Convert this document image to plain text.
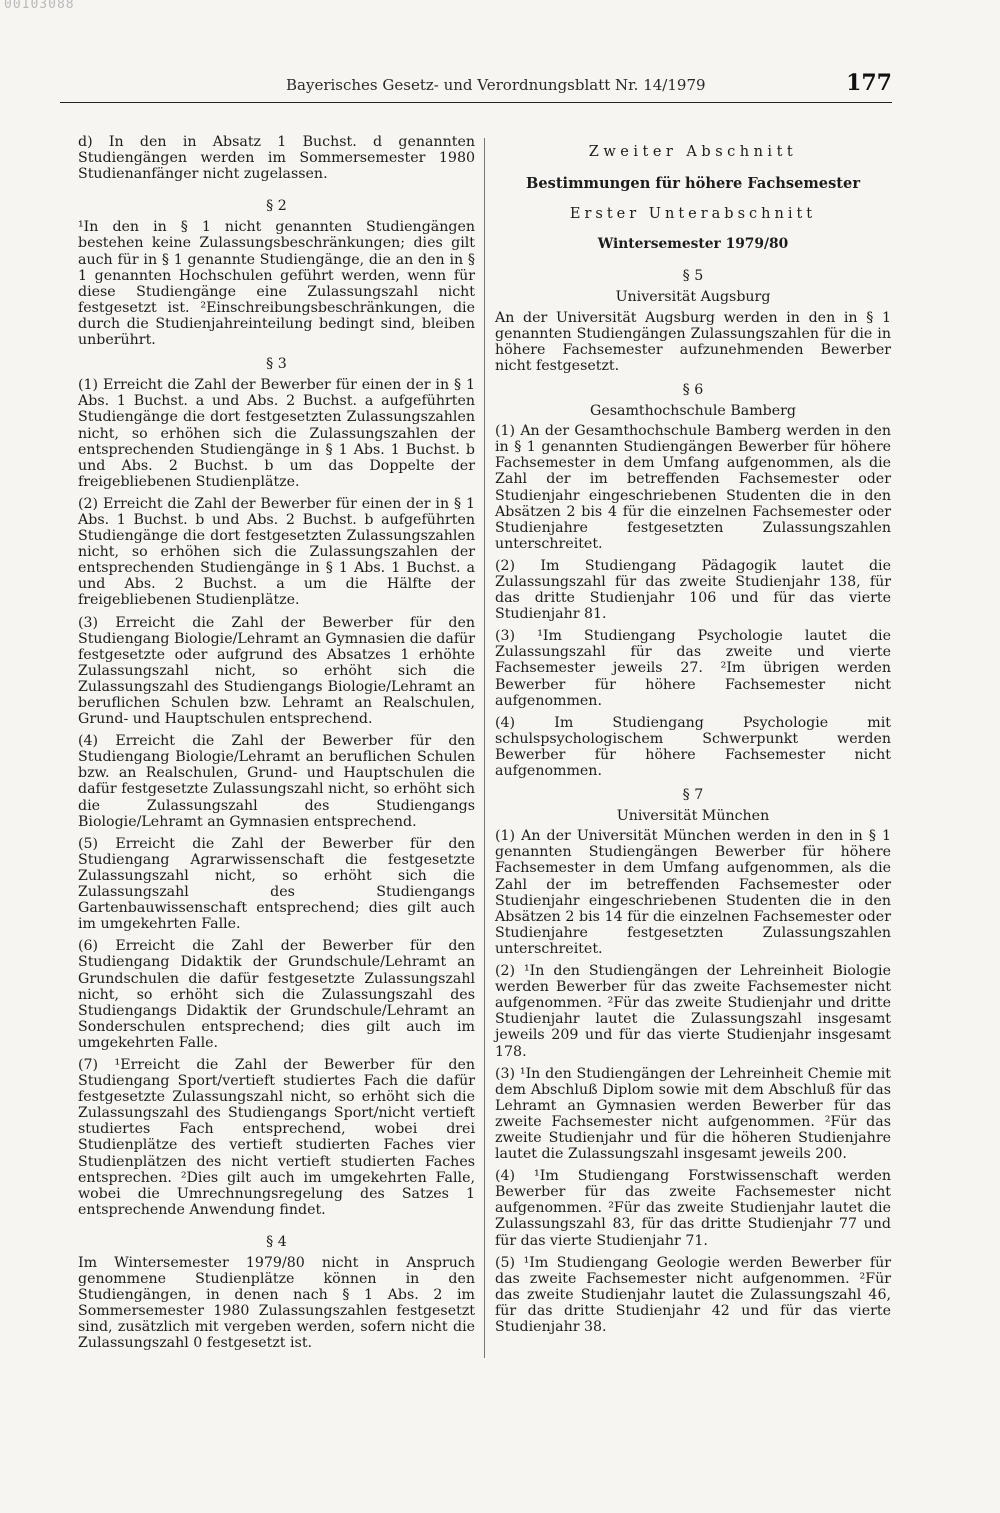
00103088
Bayerisches Gesetz- und Verordnungsblatt Nr. 14/1979	177

d) In den in Absatz 1 Buchst. d genannten Studiengängen werden im Sommersemester 1980 Studienanfänger nicht zugelassen.

§ 2

¹In den in § 1 nicht genannten Studiengängen bestehen keine Zulassungsbeschränkungen; dies gilt auch für in § 1 genannte Studiengänge, die an den in § 1 genannten Hochschulen geführt werden, wenn für diese Studiengänge eine Zulassungszahl nicht festgesetzt ist. ²Einschreibungsbeschränkungen, die durch die Studienjahreinteilung bedingt sind, bleiben unberührt.

§ 3

(1) Erreicht die Zahl der Bewerber für einen der in § 1 Abs. 1 Buchst. a und Abs. 2 Buchst. a aufgeführten Studiengänge die dort festgesetzten Zulassungszahlen nicht, so erhöhen sich die Zulassungszahlen der entsprechenden Studiengänge in § 1 Abs. 1 Buchst. b und Abs. 2 Buchst. b um das Doppelte der freigebliebenen Studienplätze.

(2) Erreicht die Zahl der Bewerber für einen der in § 1 Abs. 1 Buchst. b und Abs. 2 Buchst. b aufgeführten Studiengänge die dort festgesetzten Zulassungszahlen nicht, so erhöhen sich die Zulassungszahlen der entsprechenden Studiengänge in § 1 Abs. 1 Buchst. a und Abs. 2 Buchst. a um die Hälfte der freigebliebenen Studienplätze.

(3) Erreicht die Zahl der Bewerber für den Studiengang Biologie/Lehramt an Gymnasien die dafür festgesetzte oder aufgrund des Absatzes 1 erhöhte Zulassungszahl nicht, so erhöht sich die Zulassungszahl des Studiengangs Biologie/Lehramt an beruflichen Schulen bzw. Lehramt an Realschulen, Grund- und Hauptschulen entsprechend.

(4) Erreicht die Zahl der Bewerber für den Studiengang Biologie/Lehramt an beruflichen Schulen bzw. an Realschulen, Grund- und Hauptschulen die dafür festgesetzte Zulassungszahl nicht, so erhöht sich die Zulassungszahl des Studiengangs Biologie/Lehramt an Gymnasien entsprechend.

(5) Erreicht die Zahl der Bewerber für den Studiengang Agrarwissenschaft die festgesetzte Zulassungszahl nicht, so erhöht sich die Zulassungszahl des Studiengangs Gartenbauwissenschaft entsprechend; dies gilt auch im umgekehrten Falle.

(6) Erreicht die Zahl der Bewerber für den Studiengang Didaktik der Grundschule/Lehramt an Grundschulen die dafür festgesetzte Zulassungszahl nicht, so erhöht sich die Zulassungszahl des Studiengangs Didaktik der Grundschule/Lehramt an Sonderschulen entsprechend; dies gilt auch im umgekehrten Falle.

(7) ¹Erreicht die Zahl der Bewerber für den Studiengang Sport/vertieft studiertes Fach die dafür festgesetzte Zulassungszahl nicht, so erhöht sich die Zulassungszahl des Studiengangs Sport/nicht vertieft studiertes Fach entsprechend, wobei drei Studienplätze des vertieft studierten Faches vier Studienplätzen des nicht vertieft studierten Faches entsprechen. ²Dies gilt auch im umgekehrten Falle, wobei die Umrechnungsregelung des Satzes 1 entsprechende Anwendung findet.

§ 4

Im Wintersemester 1979/80 nicht in Anspruch genommene Studienplätze können in den Studiengängen, in denen nach § 1 Abs. 2 im Sommersemester 1980 Zulassungszahlen festgesetzt sind, zusätzlich mit vergeben werden, sofern nicht die Zulassungszahl 0 festgesetzt ist.

Zweiter Abschnitt

Bestimmungen für höhere Fachsemester

Erster Unterabschnitt

Wintersemester 1979/80

§ 5

Universität Augsburg

An der Universität Augsburg werden in den in § 1 genannten Studiengängen Zulassungszahlen für die in höhere Fachsemester aufzunehmenden Bewerber nicht festgesetzt.

§ 6

Gesamthochschule Bamberg

(1) An der Gesamthochschule Bamberg werden in den in § 1 genannten Studiengängen Bewerber für höhere Fachsemester in dem Umfang aufgenommen, als die Zahl der im betreffenden Fachsemester oder Studienjahr eingeschriebenen Studenten die in den Absätzen 2 bis 4 für die einzelnen Fachsemester oder Studienjahre festgesetzten Zulassungszahlen unterschreitet.

(2) Im Studiengang Pädagogik lautet die Zulassungszahl für das zweite Studienjahr 138, für das dritte Studienjahr 106 und für das vierte Studienjahr 81.

(3) ¹Im Studiengang Psychologie lautet die Zulassungszahl für das zweite und vierte Fachsemester jeweils 27. ²Im übrigen werden Bewerber für höhere Fachsemester nicht aufgenommen.

(4) Im Studiengang Psychologie mit schulspsychologischem Schwerpunkt werden Bewerber für höhere Fachsemester nicht aufgenommen.

§ 7

Universität München

(1) An der Universität München werden in den in § 1 genannten Studiengängen Bewerber für höhere Fachsemester in dem Umfang aufgenommen, als die Zahl der im betreffenden Fachsemester oder Studienjahr eingeschriebenen Studenten die in den Absätzen 2 bis 14 für die einzelnen Fachsemester oder Studienjahre festgesetzten Zulassungszahlen unterschreitet.

(2) ¹In den Studiengängen der Lehreinheit Biologie werden Bewerber für das zweite Fachsemester nicht aufgenommen. ²Für das zweite Studienjahr und dritte Studienjahr lautet die Zulassungszahl insgesamt jeweils 209 und für das vierte Studienjahr insgesamt 178.

(3) ¹In den Studiengängen der Lehreinheit Chemie mit dem Abschluß Diplom sowie mit dem Abschluß für das Lehramt an Gymnasien werden Bewerber für das zweite Fachsemester nicht aufgenommen. ²Für das zweite Studienjahr und für die höheren Studienjahre lautet die Zulassungszahl insgesamt jeweils 200.

(4) ¹Im Studiengang Forstwissenschaft werden Bewerber für das zweite Fachsemester nicht aufgenommen. ²Für das zweite Studienjahr lautet die Zulassungszahl 83, für das dritte Studienjahr 77 und für das vierte Studienjahr 71.

(5) ¹Im Studiengang Geologie werden Bewerber für das zweite Fachsemester nicht aufgenommen. ²Für das zweite Studienjahr lautet die Zulassungszahl 46, für das dritte Studienjahr 42 und für das vierte Studienjahr 38.
